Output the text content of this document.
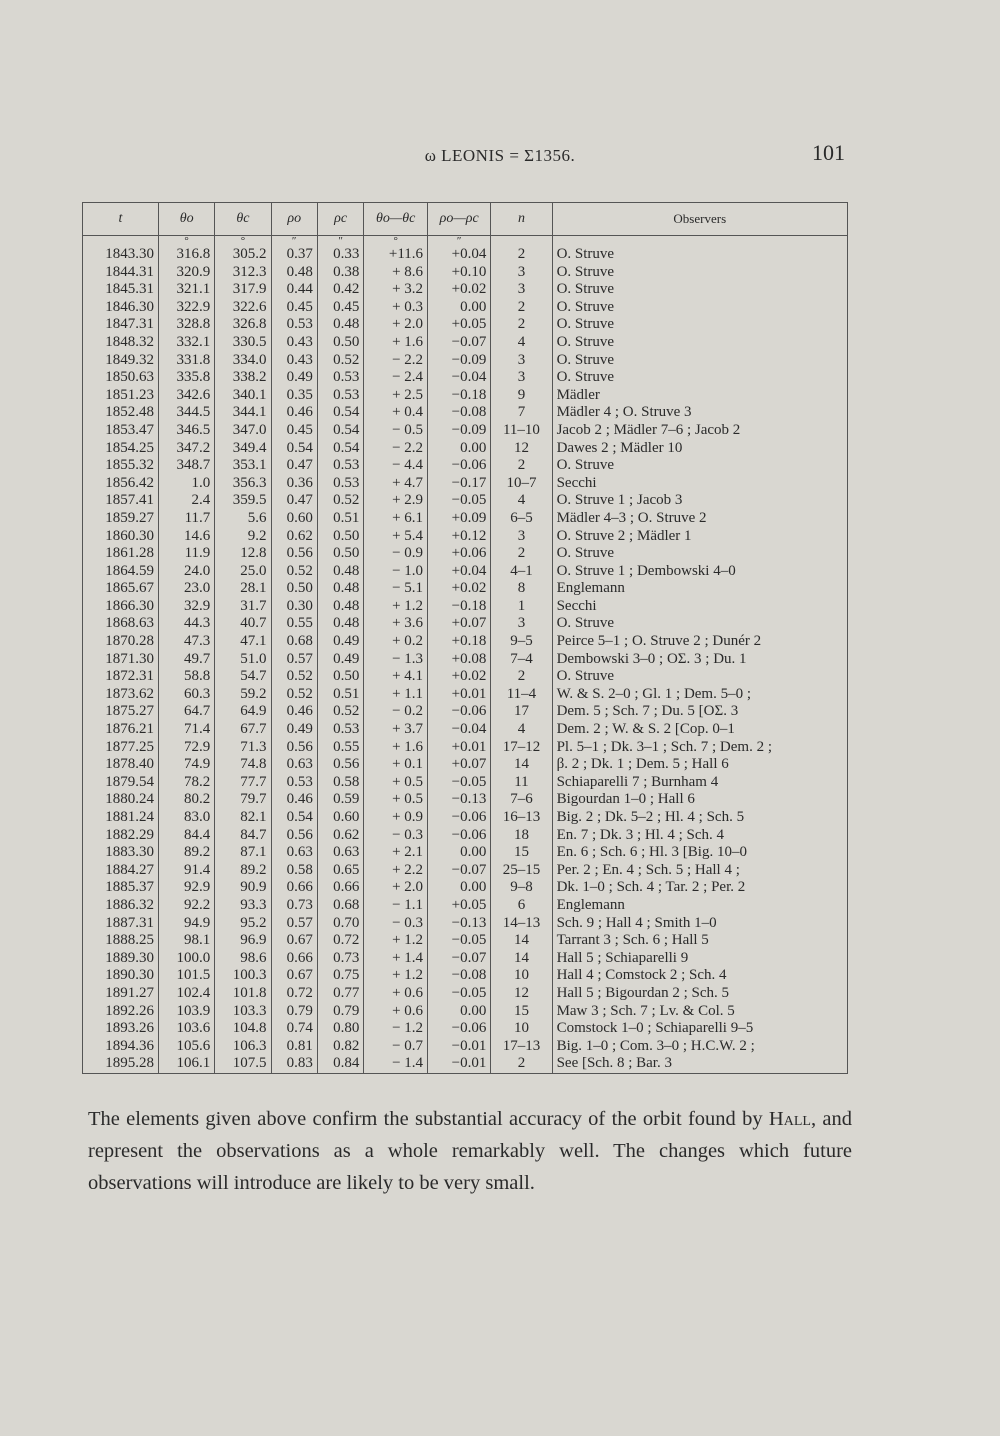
ω LEONIS = Σ1356.	101
t	θo	θc	ρo	ρc	θo—θc	ρo—ρc	n	Observers
	°	°	″	″	°	″		
1843.30	316.8	305.2	0.37	0.33	+11.6	+0.04	2	O. Struve
1844.31	320.9	312.3	0.48	0.38	+ 8.6	+0.10	3	O. Struve
1845.31	321.1	317.9	0.44	0.42	+ 3.2	+0.02	3	O. Struve
1846.30	322.9	322.6	0.45	0.45	+ 0.3	0.00	2	O. Struve
1847.31	328.8	326.8	0.53	0.48	+ 2.0	+0.05	2	O. Struve
1848.32	332.1	330.5	0.43	0.50	+ 1.6	−0.07	4	O. Struve
1849.32	331.8	334.0	0.43	0.52	− 2.2	−0.09	3	O. Struve
1850.63	335.8	338.2	0.49	0.53	− 2.4	−0.04	3	O. Struve
1851.23	342.6	340.1	0.35	0.53	+ 2.5	−0.18	9	Mädler
1852.48	344.5	344.1	0.46	0.54	+ 0.4	−0.08	7	Mädler 4 ; O. Struve 3
1853.47	346.5	347.0	0.45	0.54	− 0.5	−0.09	11–10	Jacob 2 ; Mädler 7–6 ; Jacob 2
1854.25	347.2	349.4	0.54	0.54	− 2.2	0.00	12	Dawes 2 ; Mädler 10
1855.32	348.7	353.1	0.47	0.53	− 4.4	−0.06	2	O. Struve
1856.42	1.0	356.3	0.36	0.53	+ 4.7	−0.17	10–7	Secchi
1857.41	2.4	359.5	0.47	0.52	+ 2.9	−0.05	4	O. Struve 1 ; Jacob 3
1859.27	11.7	5.6	0.60	0.51	+ 6.1	+0.09	6–5	Mädler 4–3 ; O. Struve 2
1860.30	14.6	9.2	0.62	0.50	+ 5.4	+0.12	3	O. Struve 2 ; Mädler 1
1861.28	11.9	12.8	0.56	0.50	− 0.9	+0.06	2	O. Struve
1864.59	24.0	25.0	0.52	0.48	− 1.0	+0.04	4–1	O. Struve 1 ; Dembowski 4–0
1865.67	23.0	28.1	0.50	0.48	− 5.1	+0.02	8	Englemann
1866.30	32.9	31.7	0.30	0.48	+ 1.2	−0.18	1	Secchi
1868.63	44.3	40.7	0.55	0.48	+ 3.6	+0.07	3	O. Struve
1870.28	47.3	47.1	0.68	0.49	+ 0.2	+0.18	9–5	Peirce 5–1 ; O. Struve 2 ; Dunér 2
1871.30	49.7	51.0	0.57	0.49	− 1.3	+0.08	7–4	Dembowski 3–0 ; OΣ. 3 ; Du. 1
1872.31	58.8	54.7	0.52	0.50	+ 4.1	+0.02	2	O. Struve
1873.62	60.3	59.2	0.52	0.51	+ 1.1	+0.01	11–4	W. & S. 2–0 ; Gl. 1 ; Dem. 5–0 ;
1875.27	64.7	64.9	0.46	0.52	− 0.2	−0.06	17	Dem. 5 ; Sch. 7 ; Du. 5 [OΣ. 3
1876.21	71.4	67.7	0.49	0.53	+ 3.7	−0.04	4	Dem. 2 ; W. & S. 2 [Cop. 0–1
1877.25	72.9	71.3	0.56	0.55	+ 1.6	+0.01	17–12	Pl. 5–1 ; Dk. 3–1 ; Sch. 7 ; Dem. 2 ;
1878.40	74.9	74.8	0.63	0.56	+ 0.1	+0.07	14	β. 2 ; Dk. 1 ; Dem. 5 ; Hall 6
1879.54	78.2	77.7	0.53	0.58	+ 0.5	−0.05	11	Schiaparelli 7 ; Burnham 4
1880.24	80.2	79.7	0.46	0.59	+ 0.5	−0.13	7–6	Bigourdan 1–0 ; Hall 6
1881.24	83.0	82.1	0.54	0.60	+ 0.9	−0.06	16–13	Big. 2 ; Dk. 5–2 ; Hl. 4 ; Sch. 5
1882.29	84.4	84.7	0.56	0.62	− 0.3	−0.06	18	En. 7 ; Dk. 3 ; Hl. 4 ; Sch. 4
1883.30	89.2	87.1	0.63	0.63	+ 2.1	0.00	15	En. 6 ; Sch. 6 ; Hl. 3 [Big. 10–0
1884.27	91.4	89.2	0.58	0.65	+ 2.2	−0.07	25–15	Per. 2 ; En. 4 ; Sch. 5 ; Hall 4 ;
1885.37	92.9	90.9	0.66	0.66	+ 2.0	0.00	9–8	Dk. 1–0 ; Sch. 4 ; Tar. 2 ; Per. 2
1886.32	92.2	93.3	0.73	0.68	− 1.1	+0.05	6	Englemann
1887.31	94.9	95.2	0.57	0.70	− 0.3	−0.13	14–13	Sch. 9 ; Hall 4 ; Smith 1–0
1888.25	98.1	96.9	0.67	0.72	+ 1.2	−0.05	14	Tarrant 3 ; Sch. 6 ; Hall 5
1889.30	100.0	98.6	0.66	0.73	+ 1.4	−0.07	14	Hall 5 ; Schiaparelli 9
1890.30	101.5	100.3	0.67	0.75	+ 1.2	−0.08	10	Hall 4 ; Comstock 2 ; Sch. 4
1891.27	102.4	101.8	0.72	0.77	+ 0.6	−0.05	12	Hall 5 ; Bigourdan 2 ; Sch. 5
1892.26	103.9	103.3	0.79	0.79	+ 0.6	0.00	15	Maw 3 ; Sch. 7 ; Lv. & Col. 5
1893.26	103.6	104.8	0.74	0.80	− 1.2	−0.06	10	Comstock 1–0 ; Schiaparelli 9–5
1894.36	105.6	106.3	0.81	0.82	− 0.7	−0.01	17–13	Big. 1–0 ; Com. 3–0 ; H.C.W. 2 ;
1895.28	106.1	107.5	0.83	0.84	− 1.4	−0.01	2	See [Sch. 8 ; Bar. 3
The elements given above confirm the substantial accuracy of the orbit found by Hall, and represent the observations as a whole remarkably well. The changes which future observations will introduce are likely to be very small.
